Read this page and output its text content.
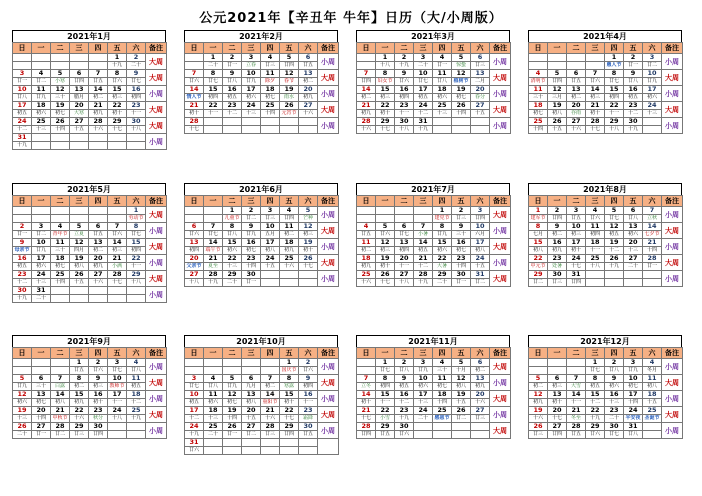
公元2021年【辛丑年 牛年】日历（大/小周版）
2021年1月
日	一	二	三	四	五	六	备注
					1	2	大周
					十九	二十	
3	4	5	6	7	8	9	大周
廿一	廿二	小寒	廿四	廿五	廿六	廿七	
10	11	12	13	14	15	16	小周
廿八	廿九	三十	腊月	初二	初三	初四	
17	18	19	20	21	22	23	大周
初五	初六	初七	大寒	初九	初十	十一	
24	25	26	27	28	29	30	大周
十二	十三	十四	十五	十六	十七	十八	
31							小周
十九							
2021年2月
日	一	二	三	四	五	六	备注
	1	2	3	4	5	6	小周
	二十	廿一	立春	廿三	廿四	廿五	
7	8	9	10	11	12	13	大周
廿六	廿七	廿八	廿九	除夕	春节	初二	
14	15	16	17	18	19	20	小周
情人节	初四	初五	初六	初七	雨水	初九	
21	22	23	24	25	26	27	大周
初十	十一	十二	十三	十四	元宵节	十六	
28							小周
十七							
2021年3月
日	一	二	三	四	五	六	备注
	1	2	3	4	5	6	小周
	十八	十九	二十	廿一	惊蛰	廿三	
7	8	9	10	11	12	13	大周
廿四	妇女节	廿六	廿七	廿八	植树节	二月	
14	15	16	17	18	19	20	小周
初二	初三	初四	初五	初六	初七	春分	
21	22	23	24	25	26	27	大周
初九	初十	十一	十二	十三	十四	十五	
28	29	30	31				小周
十六	十七	十八	十九				
2021年4月
日	一	二	三	四	五	六	备注
				1	2	3	小周
				愚人节	廿一	廿二	
4	5	6	7	8	9	10	大周
清明节	廿四	廿五	廿六	廿七	廿八	廿九	
11	12	13	14	15	16	17	小周
三十	三月	初二	初三	初四	初五	初六	
18	19	20	21	22	23	24	大周
初七	初八	谷雨	初十	十一	十二	十三	
25	26	27	28	29	30		小周
十四	十五	十六	十七	十八	十九		
2021年5月
日	一	二	三	四	五	六	备注
						1	大周
						劳动节	
2	3	4	5	6	7	8	小周
廿一	廿二	青年节	立夏	廿五	廿六	廿七	
9	10	11	12	13	14	15	大周
母亲节	廿九	三十	四月	初二	初三	初四	
16	17	18	19	20	21	22	小周
初五	初六	初七	初八	初九	小满	十一	
23	24	25	26	27	28	29	大周
十二	十三	十四	十五	十六	十七	十八	
30	31						小周
十九	二十						
2021年6月
日	一	二	三	四	五	六	备注
		1	2	3	4	5	小周
		儿童节	廿二	廿三	廿四	芒种	
6	7	8	9	10	11	12	大周
廿六	廿七	廿八	廿九	五月	初二	初三	
13	14	15	16	17	18	19	小周
初四	端午节	初六	初七	初八	初九	初十	
20	21	22	23	24	25	26	大周
父亲节	夏至	十三	十四	十五	十六	十七	
27	28	29	30				小周
十八	十九	二十	廿一				
2021年7月
日	一	二	三	四	五	六	备注
				1	2	3	大周
				建党节	廿三	廿四	
4	5	6	7	8	9	10	小周
廿五	廿六	廿七	小暑	廿九	三十	六月	
11	12	13	14	15	16	17	大周
初二	初三	初四	初五	初六	初七	初八	
18	19	20	21	22	23	24	小周
初九	初十	十一	十二	大暑	十四	十五	
25	26	27	28	29	30	31	大周
十六	十七	十八	十九	二十	廿一	廿二	
2021年8月
日	一	二	三	四	五	六	备注
1	2	3	4	5	6	7	小周
建军节	廿四	廿五	廿六	廿七	廿八	立秋	
8	9	10	11	12	13	14	大周
七月	初二	初三	初四	初五	初六	七夕节	
15	16	17	18	19	20	21	小周
初八	初九	初十	十一	十二	十三	十四	
22	23	24	25	26	27	28	大周
中元节	处暑	十七	十八	十九	二十	廿一	
29	30	31					小周
廿二	廿三	廿四					
2021年9月
日	一	二	三	四	五	六	备注
			1	2	3	4	小周
			廿五	廿六	廿七	廿八	
5	6	7	8	9	10	11	大周
廿九	三十	白露	初二	初三	教师节	初五	
12	13	14	15	16	17	18	小周
初六	初七	初八	初九	初十	十一	十二	
19	20	21	22	23	24	25	大周
十三	十四	中秋节	十六	秋分	十八	十九	
26	27	28	29	30			小周
二十	廿一	廿二	廿三	廿四			
2021年10月
日	一	二	三	四	五	六	备注
					1	2	小周
					国庆节	廿六	
3	4	5	6	7	8	9	大周
廿七	廿八	廿九	九月	初二	寒露	初四	
10	11	12	13	14	15	16	小周
初五	初六	初七	初八	重阳节	初十	十一	
17	18	19	20	21	22	23	大周
十二	十三	十四	十五	十六	十七	霜降	
24	25	26	27	28	29	30	小周
十九	二十	廿一	廿二	廿三	廿四	廿五	
31							
廿六							
2021年11月
日	一	二	三	四	五	六	备注
	1	2	3	4	5	6	大周
	廿七	廿八	廿九	三十	十月	初二	
7	8	9	10	11	12	13	小周
立冬	初四	初五	初六	初七	初八	初九	
14	15	16	17	18	19	20	大周
初十	十一	十二	十三	十四	十五	十六	
21	22	23	24	25	26	27	小周
十七	小雪	十九	二十	感恩节	廿二	廿三	
28	29	30					大周
廿四	廿五	廿六					
2021年12月
日	一	二	三	四	五	六	备注
			1	2	3	4	小周
			廿七	廿八	廿九	冬月	
5	6	7	8	9	10	11	大周
初二	初三	大雪	初五	初六	初七	初八	
12	13	14	15	16	17	18	小周
初九	初十	十一	十二	十三	十四	十五	
19	20	21	22	23	24	25	大周
十六	十七	冬至	十九	二十	平安夜	圣诞节	
26	27	28	29	30	31		小周
廿三	廿四	廿五	廿六	廿七	廿八		
